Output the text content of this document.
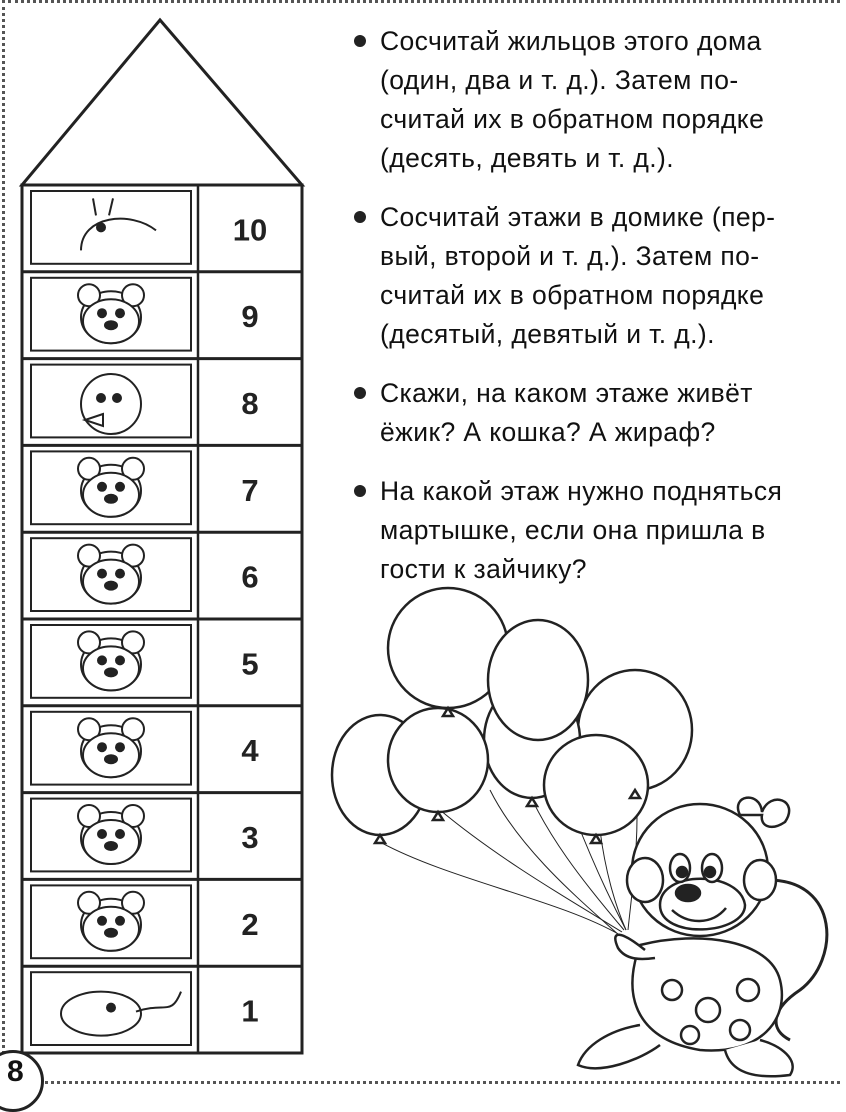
10
9
8
7
6
5
4
3
2
1
Сосчитай жильцов этого дома (один, два и т. д.). Затем по-считай их в обратном порядке (десять, девять и т. д.).
Сосчитай этажи в домике (пер-вый, второй и т. д.). Затем по-считай их в обратном порядке (десятый, девятый и т. д.).
Скажи, на каком этаже живёт ёжик? А кошка? А жираф?
На какой этаж нужно подняться мартышке, если она пришла в гости к зайчику?
8
